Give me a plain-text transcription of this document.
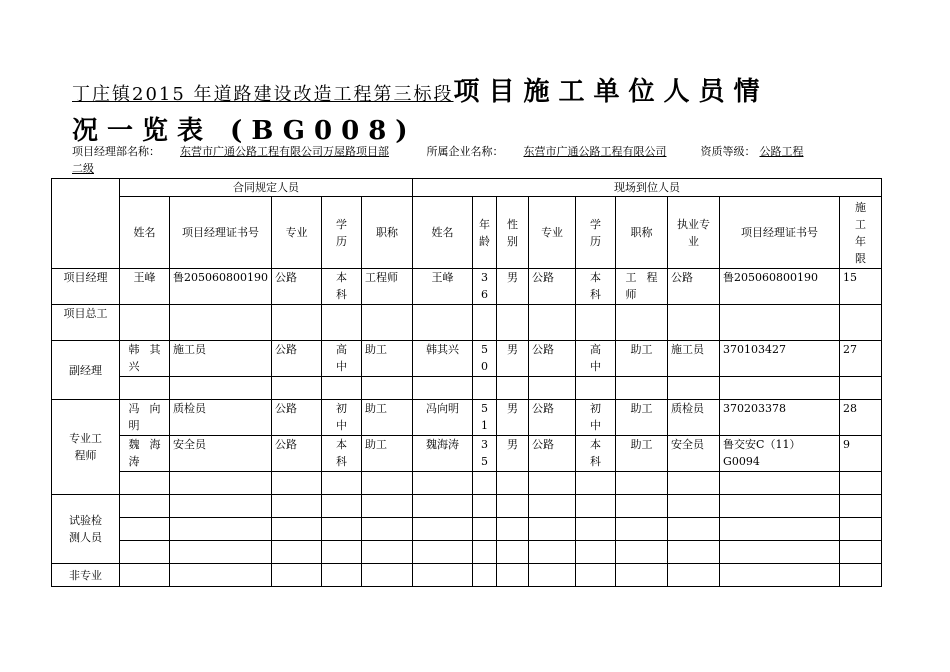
丁庄镇2015 年道路建设改造工程第三标段项目施工单位人员情
况一览表 (BG008)
项目经理部名称： 东营市广通公路工程有限公司万屋路项目部	所属企业名称： 东营市广通公路工程有限公司	资质等级： 公路工程
二级
	合同规定人员					现场到位人员								
	姓名	项目经理证书号	专业	学历	职称	姓名	年龄	性别	专业	学历	职称	执业专业	项目经理证书号	施工年限

项目经理	王峰	鲁205060800190	公路	本科	工程师	王峰	36	男	公路	本科	工程师	公路	鲁205060800190	15
项目总工														
副经理	韩其兴	施工员	公路	高中	助工	韩其兴	50	男	公路	高中	助工	施工员	370103427	27

专业工程师	冯向明	质检员	公路	初中	助工	冯向明	51	男	公路	初中	助工	质检员	370203378	28

	魏海涛	安全员	公路	本科	助工	魏海涛	35	男	公路	本科	助工	安全员	鲁交安C（11）G0094	9

试验检测人员														

非专业														
